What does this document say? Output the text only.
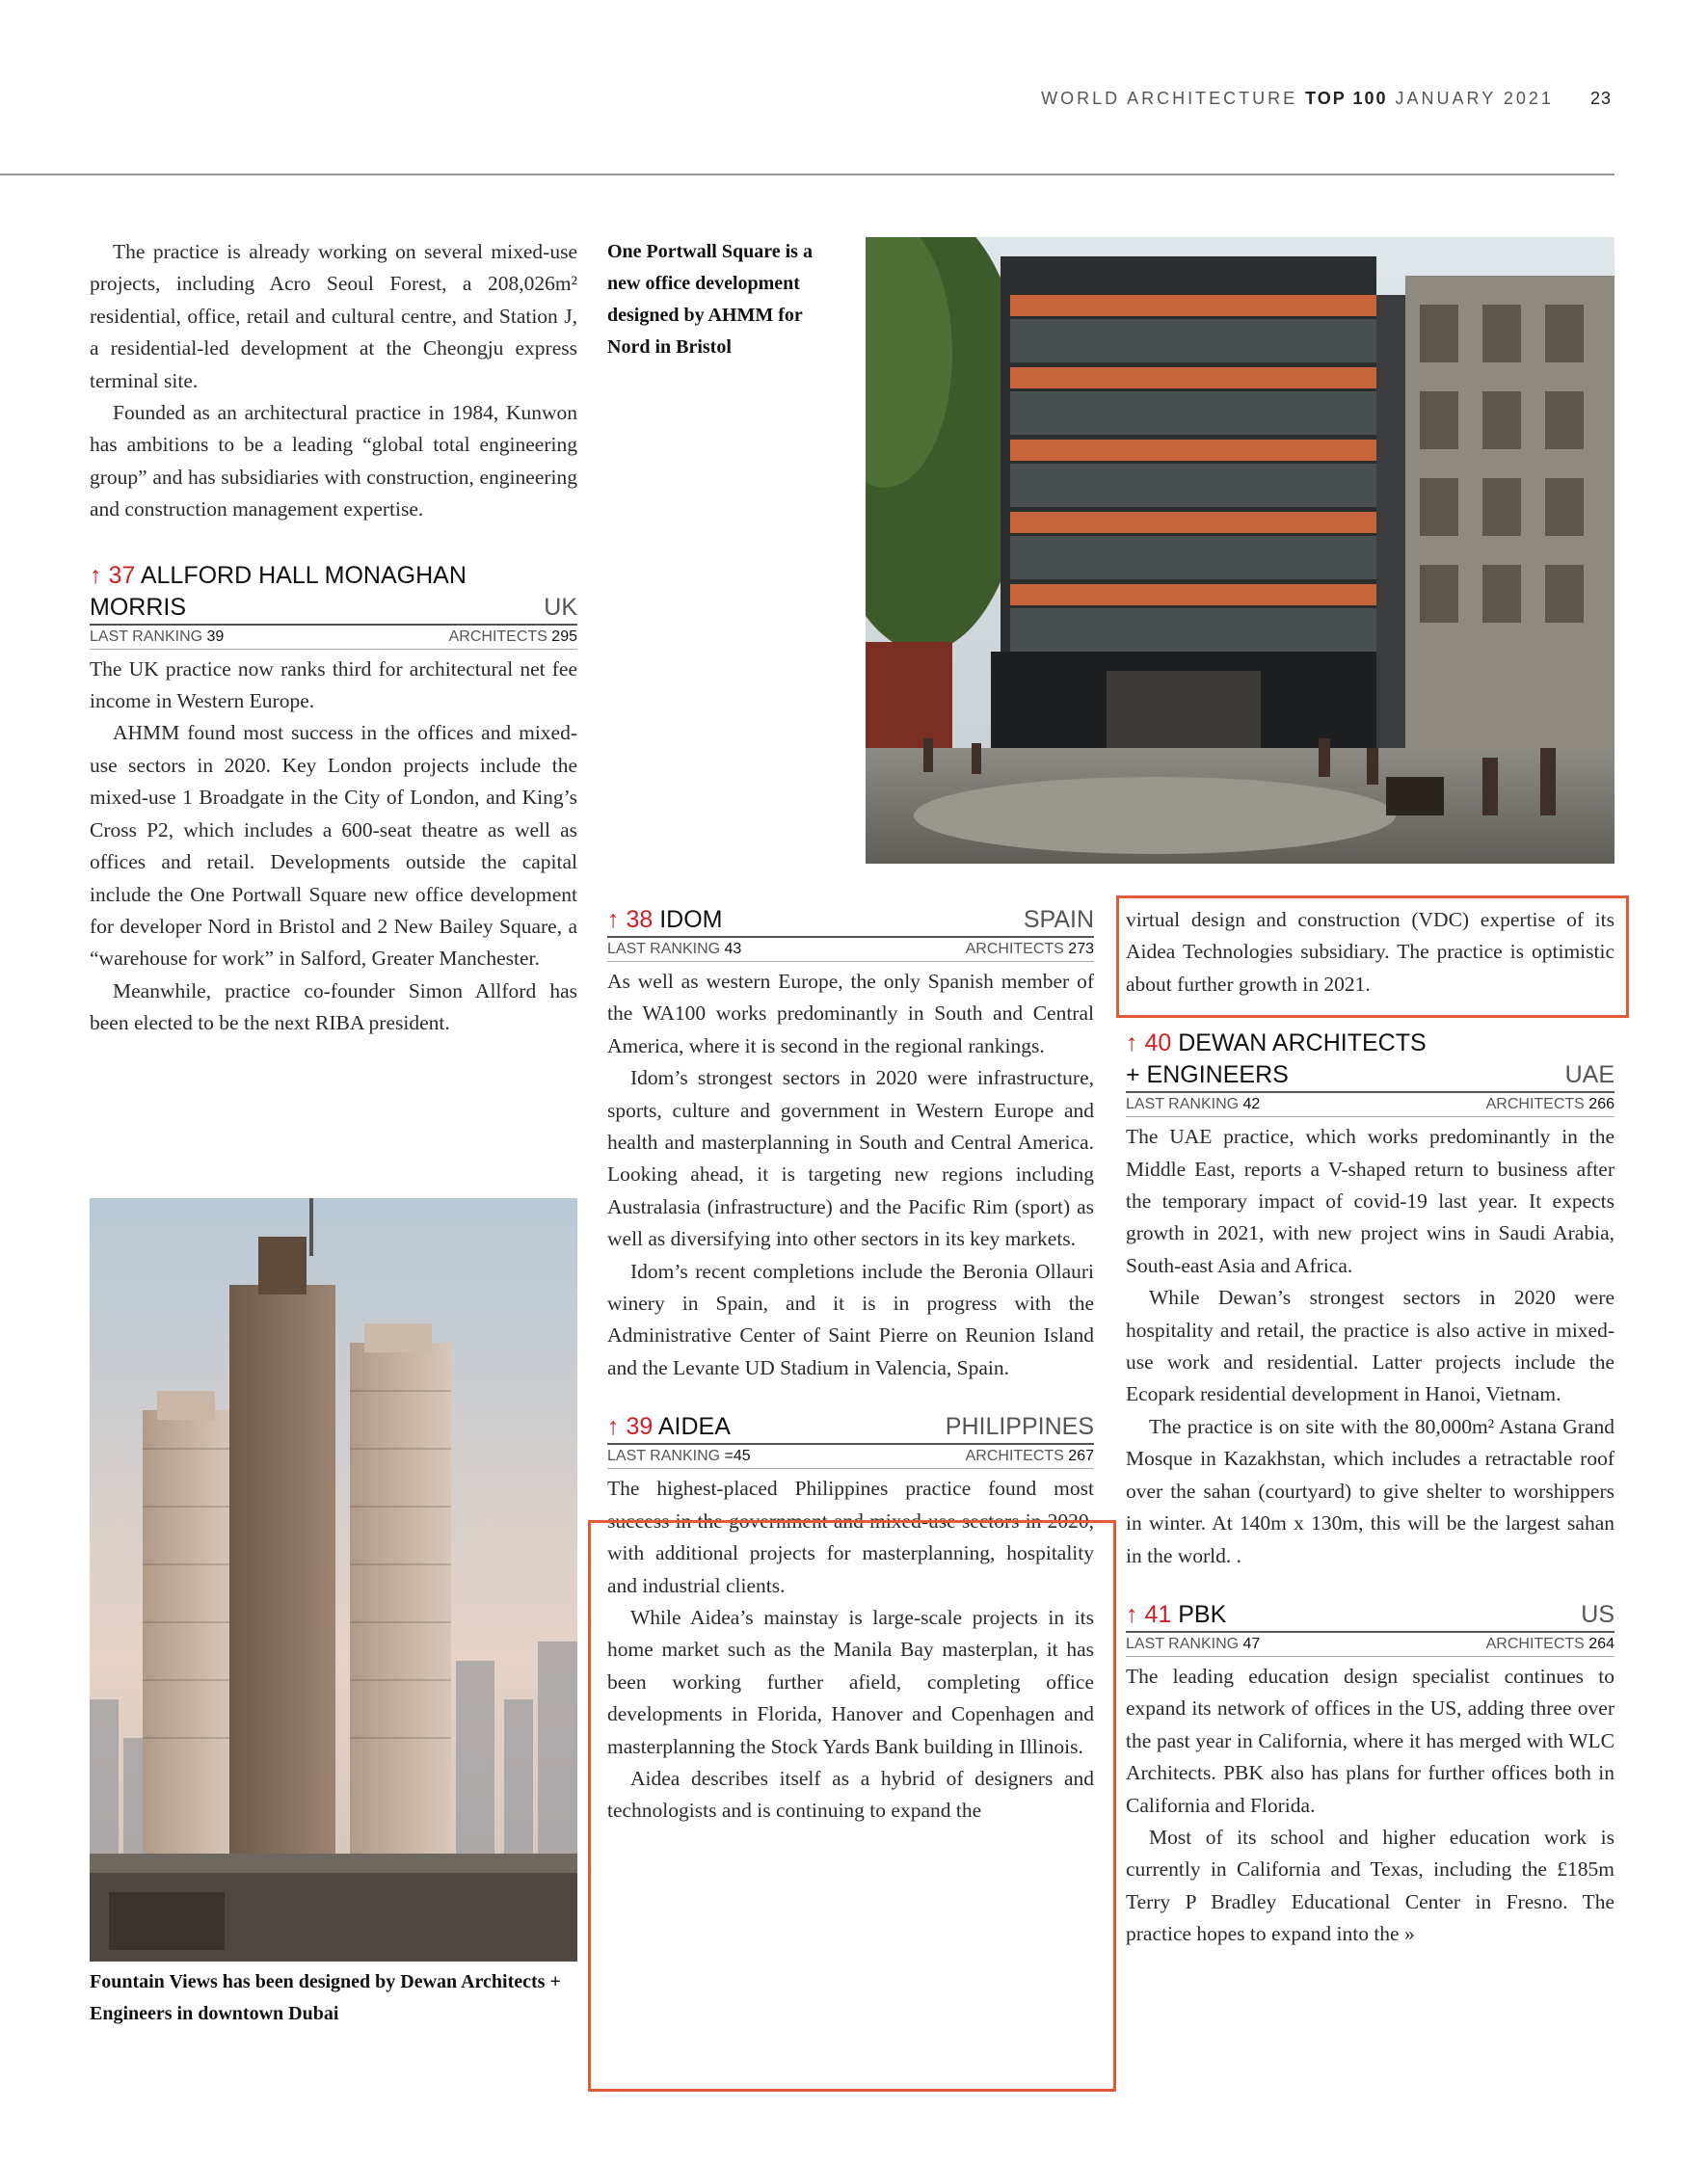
WORLD ARCHITECTURE TOP 100 JANUARY 2021 23

The practice is already working on several mixed-use projects, including Acro Seoul Forest, a 208,026m² residential, office, retail and cultural centre, and Station J, a residential-led development at the Cheongju express terminal site.

Founded as an architectural practice in 1984, Kunwon has ambitions to be a leading “global total engineering group” and has subsidiaries with construction, engineering and construction management expertise.

↑ 37 ALLFORD HALL MONAGHAN
MORRIS	UK
LAST RANKING 39	ARCHITECTS 295

The UK practice now ranks third for architectural net fee income in Western Europe.

AHMM found most success in the offices and mixed-use sectors in 2020. Key London projects include the mixed-use 1 Broadgate in the City of London, and King’s Cross P2, which includes a 600-seat theatre as well as offices and retail. Developments outside the capital include the One Portwall Square new office development for developer Nord in Bristol and 2 New Bailey Square, a “warehouse for work” in Salford, Greater Manchester.

Meanwhile, practice co-founder Simon Allford has been elected to be the next RIBA president.

One Portwall Square is a new office development designed by AHMM for Nord in Bristol
Fountain Views has been designed by Dewan Architects + Engineers in downtown Dubai
↑ 38 IDOM	SPAIN
LAST RANKING 43	ARCHITECTS 273

As well as western Europe, the only Spanish member of the WA100 works predominantly in South and Central America, where it is second in the regional rankings.

Idom’s strongest sectors in 2020 were infrastructure, sports, culture and government in Western Europe and health and masterplanning in South and Central America. Looking ahead, it is targeting new regions including Australasia (infrastructure) and the Pacific Rim (sport) as well as diversifying into other sectors in its key markets.

Idom’s recent completions include the Beronia Ollauri winery in Spain, and it is in progress with the Administrative Center of Saint Pierre on Reunion Island and the Levante UD Stadium in Valencia, Spain.

↑ 39 AIDEA	PHILIPPINES
LAST RANKING =45	ARCHITECTS 267

The highest-placed Philippines practice found most success in the government and mixed-use sectors in 2020, with additional projects for masterplanning, hospitality and industrial clients.

While Aidea’s mainstay is large-scale projects in its home market such as the Manila Bay masterplan, it has been working further afield, completing office developments in Florida, Hanover and Copenhagen and masterplanning the Stock Yards Bank building in Illinois.

Aidea describes itself as a hybrid of designers and technologists and is continuing to expand the

virtual design and construction (VDC) expertise of its Aidea Technologies subsidiary. The practice is optimistic about further growth in 2021.

↑ 40 DEWAN ARCHITECTS
+ ENGINEERS	UAE
LAST RANKING 42	ARCHITECTS 266

The UAE practice, which works predominantly in the Middle East, reports a V-shaped return to business after the temporary impact of covid-19 last year. It expects growth in 2021, with new project wins in Saudi Arabia, South-east Asia and Africa.

While Dewan’s strongest sectors in 2020 were hospitality and retail, the practice is also active in mixed-use work and residential. Latter projects include the Ecopark residential development in Hanoi, Vietnam.

The practice is on site with the 80,000m² Astana Grand Mosque in Kazakhstan, which includes a retractable roof over the sahan (courtyard) to give shelter to worshippers in winter. At 140m x 130m, this will be the largest sahan in the world. .

↑ 41 PBK	US
LAST RANKING 47	ARCHITECTS 264

The leading education design specialist continues to expand its network of offices in the US, adding three over the past year in California, where it has merged with WLC Architects. PBK also has plans for further offices both in California and Florida.

Most of its school and higher education work is currently in California and Texas, including the £185m Terry P Bradley Educational Center in Fresno. The practice hopes to expand into the »
